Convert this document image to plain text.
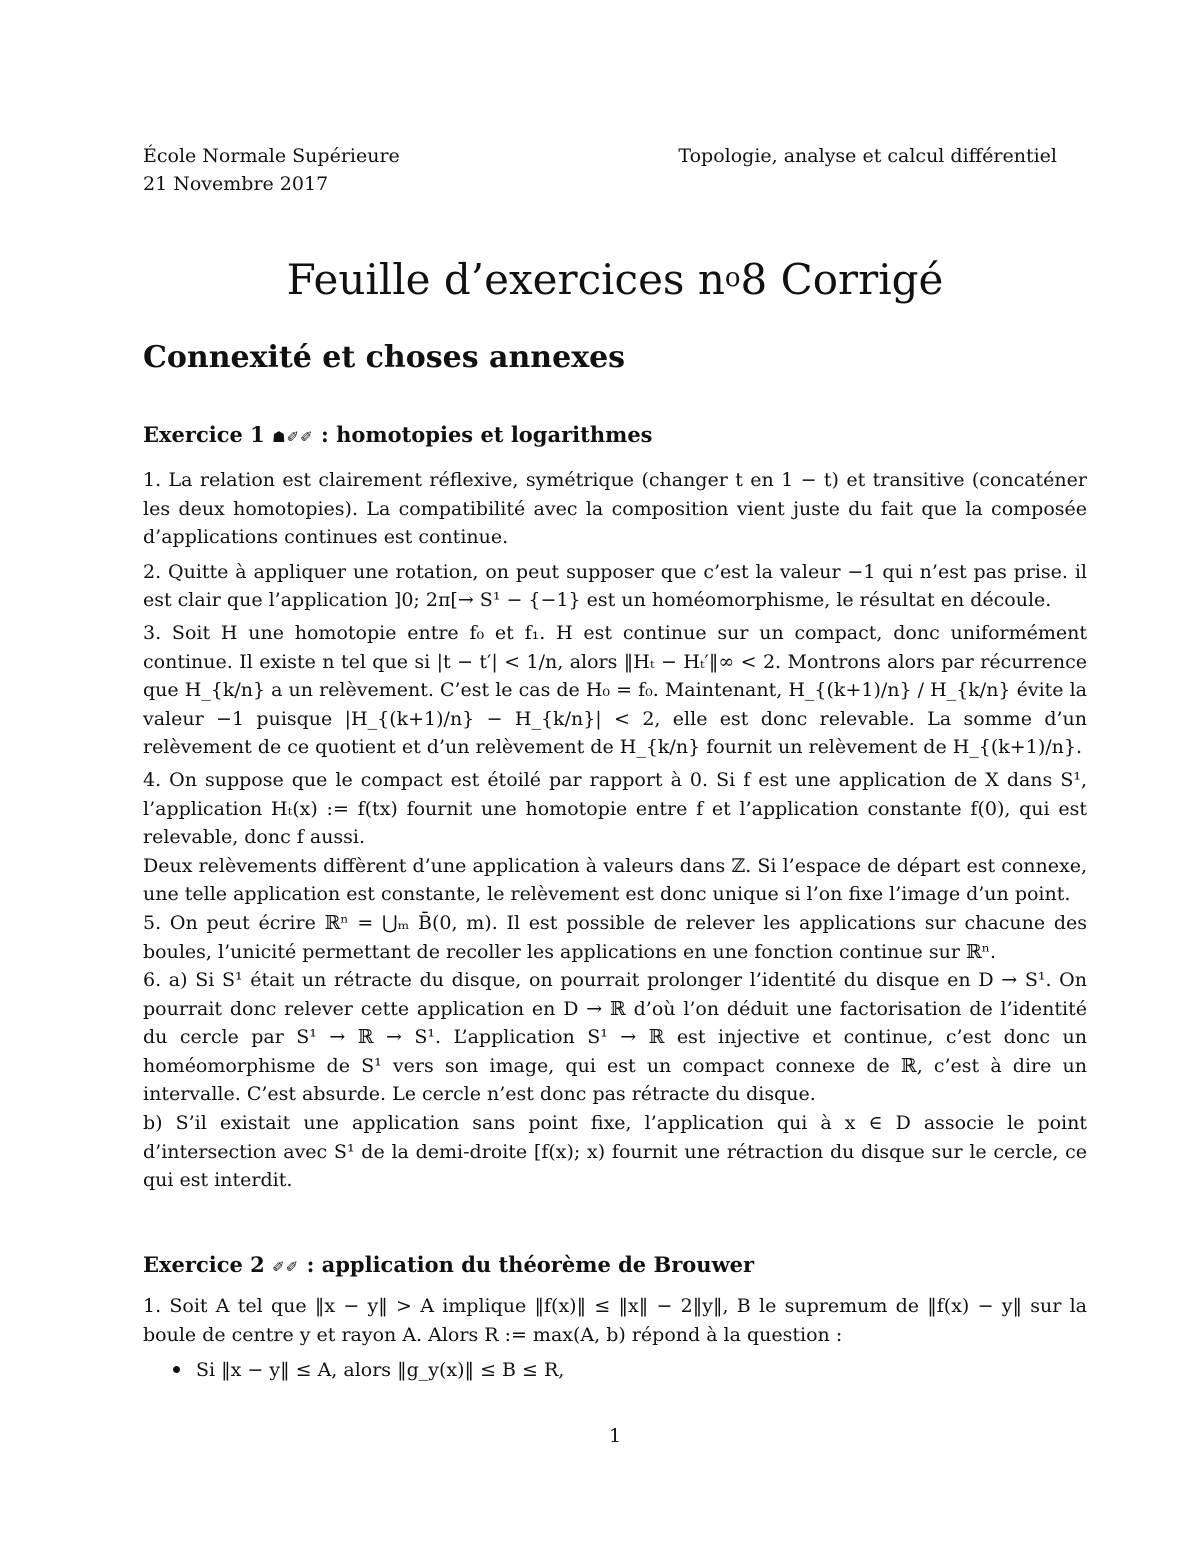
École Normale Supérieure
21 Novembre 2017
Topologie, analyse et calcul différentiel
Feuille d’exercices $n^o8$ Corrigé
Connexité et choses annexes
Exercice 1 ☗✐✐ : homotopies et logarithmes

1. La relation est clairement réflexive, symétrique (changer t en 1 − t) et transitive (concaténer les deux homotopies). La compatibilité avec la composition vient juste du fait que la composée d’applications continues est continue.

2. Quitte à appliquer une rotation, on peut supposer que c’est la valeur −1 qui n’est pas prise. il est clair que l’application ]0; 2π[→ S¹ − {−1} est un homéomorphisme, le résultat en découle.

3. Soit H une homotopie entre f₀ et f₁. H est continue sur un compact, donc uniformément continue. Il existe n tel que si |t − t′| < 1/n, alors ‖Hₜ − Hₜ′‖∞ < 2. Montrons alors par récurrence que H_{k/n} a un relèvement. C’est le cas de H₀ = f₀. Maintenant, H_{(k+1)/n} / H_{k/n} évite la valeur −1 puisque |H_{(k+1)/n} − H_{k/n}| < 2, elle est donc relevable. La somme d’un relèvement de ce quotient et d’un relèvement de H_{k/n} fournit un relèvement de H_{(k+1)/n}.

4. On suppose que le compact est étoilé par rapport à 0. Si f est une application de X dans S¹, l’application Hₜ(x) := f(tx) fournit une homotopie entre f et l’application constante f(0), qui est relevable, donc f aussi.

Deux relèvements diffèrent d’une application à valeurs dans ℤ. Si l’espace de départ est connexe, une telle application est constante, le relèvement est donc unique si l’on fixe l’image d’un point.

5. On peut écrire ℝⁿ = ⋃ₘ B̄(0, m). Il est possible de relever les applications sur chacune des boules, l’unicité permettant de recoller les applications en une fonction continue sur ℝⁿ.

6. a) Si S¹ était un rétracte du disque, on pourrait prolonger l’identité du disque en D → S¹. On pourrait donc relever cette application en D → ℝ d’où l’on déduit une factorisation de l’identité du cercle par S¹ → ℝ → S¹. L’application S¹ → ℝ est injective et continue, c’est donc un homéomorphisme de S¹ vers son image, qui est un compact connexe de ℝ, c’est à dire un intervalle. C’est absurde. Le cercle n’est donc pas rétracte du disque.

b) S’il existait une application sans point fixe, l’application qui à x ∈ D associe le point d’intersection avec S¹ de la demi-droite [f(x); x) fournit une rétraction du disque sur le cercle, ce qui est interdit.

Exercice 2 ✐✐ : application du théorème de Brouwer

1. Soit A tel que ‖x − y‖ > A implique ‖f(x)‖ ≤ ‖x‖ − 2‖y‖, B le supremum de ‖f(x) − y‖ sur la boule de centre y et rayon A. Alors R := max(A, b) répond à la question :

Si ‖x − y‖ ≤ A, alors ‖g_y(x)‖ ≤ B ≤ R,
1
